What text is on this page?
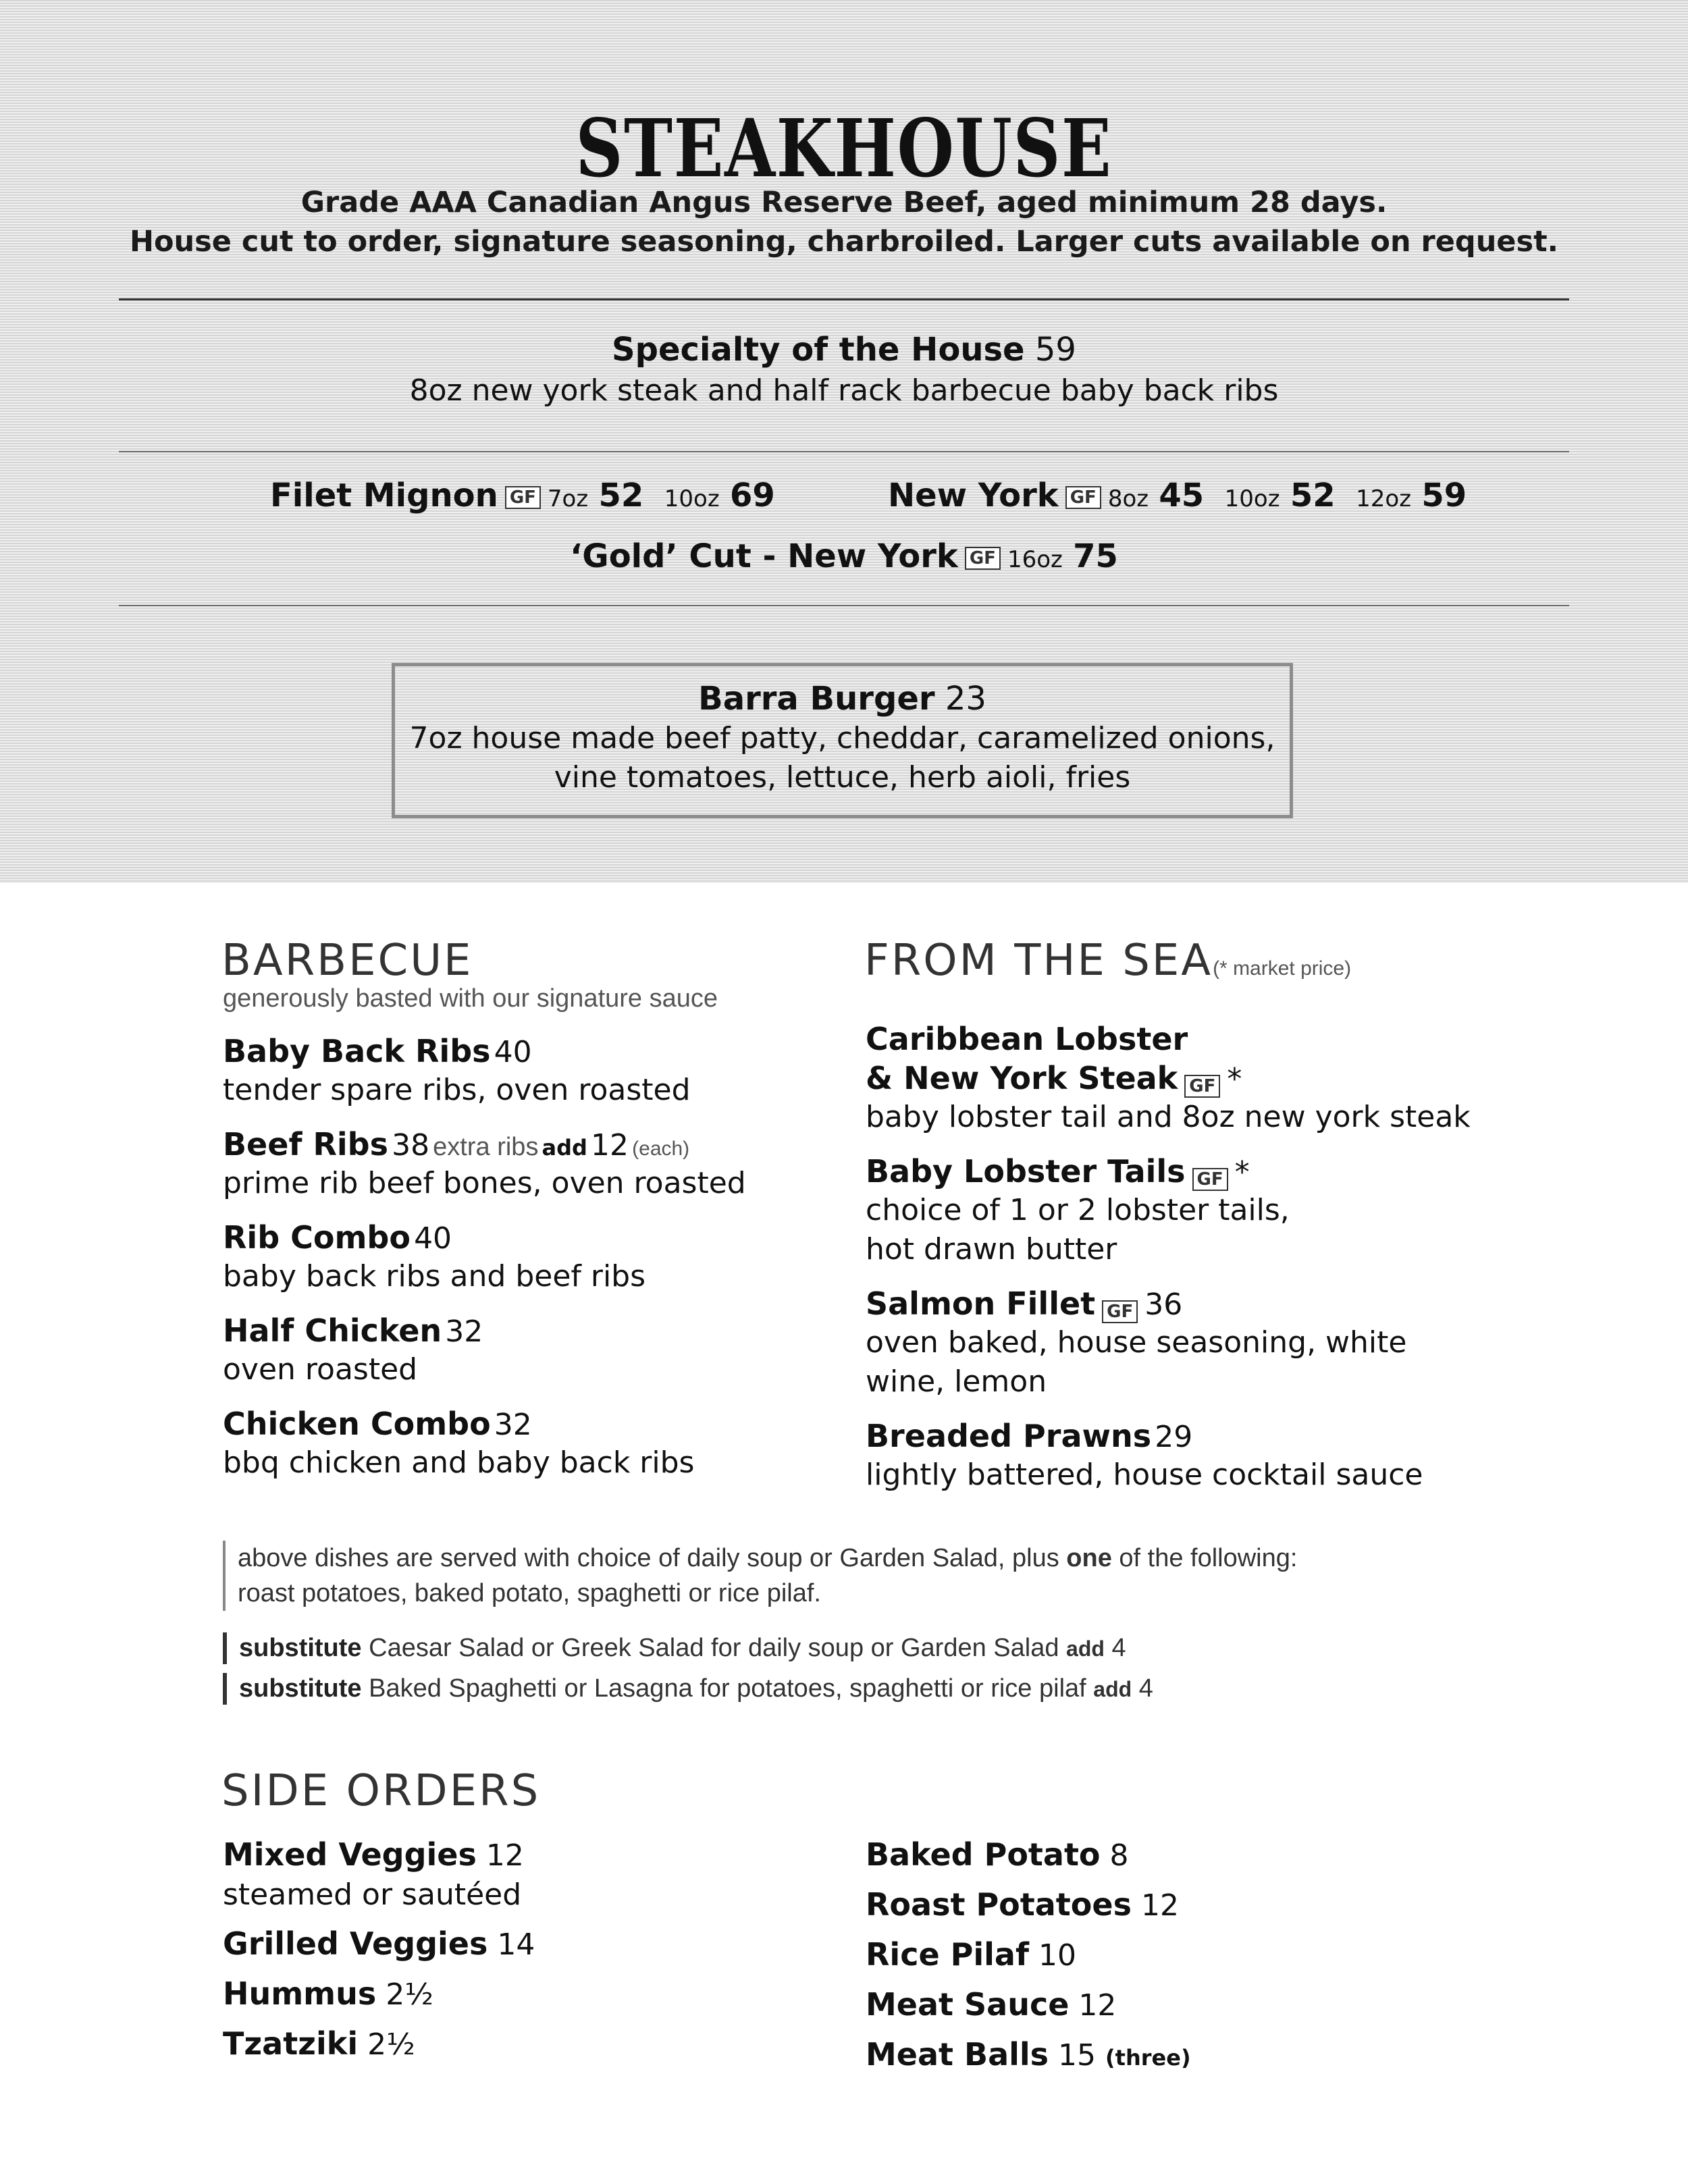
STEAKHOUSE
Grade AAA Canadian Angus Reserve Beef, aged minimum 28 days.
House cut to order, signature seasoning, charbroiled. Larger cuts available on request.
Specialty of the House 59
8oz new york steak and half rack barbecue baby back ribs
Filet Mignon GF 7oz 52 10oz 69	New York GF 8oz 45 10oz 52 12oz 59
‘Gold’ Cut - New York GF 16oz 75
Barra Burger 23
7oz house made beef patty, cheddar, caramelized onions,
vine tomatoes, lettuce, herb aioli, fries
BARBECUE
generously basted with our signature sauce
Baby Back Ribs 40
tender spare ribs, oven roasted
Beef Ribs 38 extra ribs add 12 (each)
prime rib beef bones, oven roasted
Rib Combo 40
baby back ribs and beef ribs
Half Chicken 32
oven roasted
Chicken Combo 32
bbq chicken and baby back ribs
FROM THE SEA(* market price)
Caribbean Lobster
& New York Steak GF *
baby lobster tail and 8oz new york steak
Baby Lobster Tails GF *
choice of 1 or 2 lobster tails,
hot drawn butter
Salmon Fillet GF 36
oven baked, house seasoning, white
wine, lemon
Breaded Prawns 29
lightly battered, house cocktail sauce
above dishes are served with choice of daily soup or Garden Salad, plus one of the following:
roast potatoes, baked potato, spaghetti or rice pilaf.
substitute Caesar Salad or Greek Salad for daily soup or Garden Salad add 4
substitute Baked Spaghetti or Lasagna for potatoes, spaghetti or rice pilaf add 4
SIDE ORDERS
Mixed Veggies 12
steamed or sautéed
Grilled Veggies 14
Hummus 2½
Tzatziki 2½
Baked Potato 8
Roast Potatoes 12
Rice Pilaf 10
Meat Sauce 12
Meat Balls 15 (three)
